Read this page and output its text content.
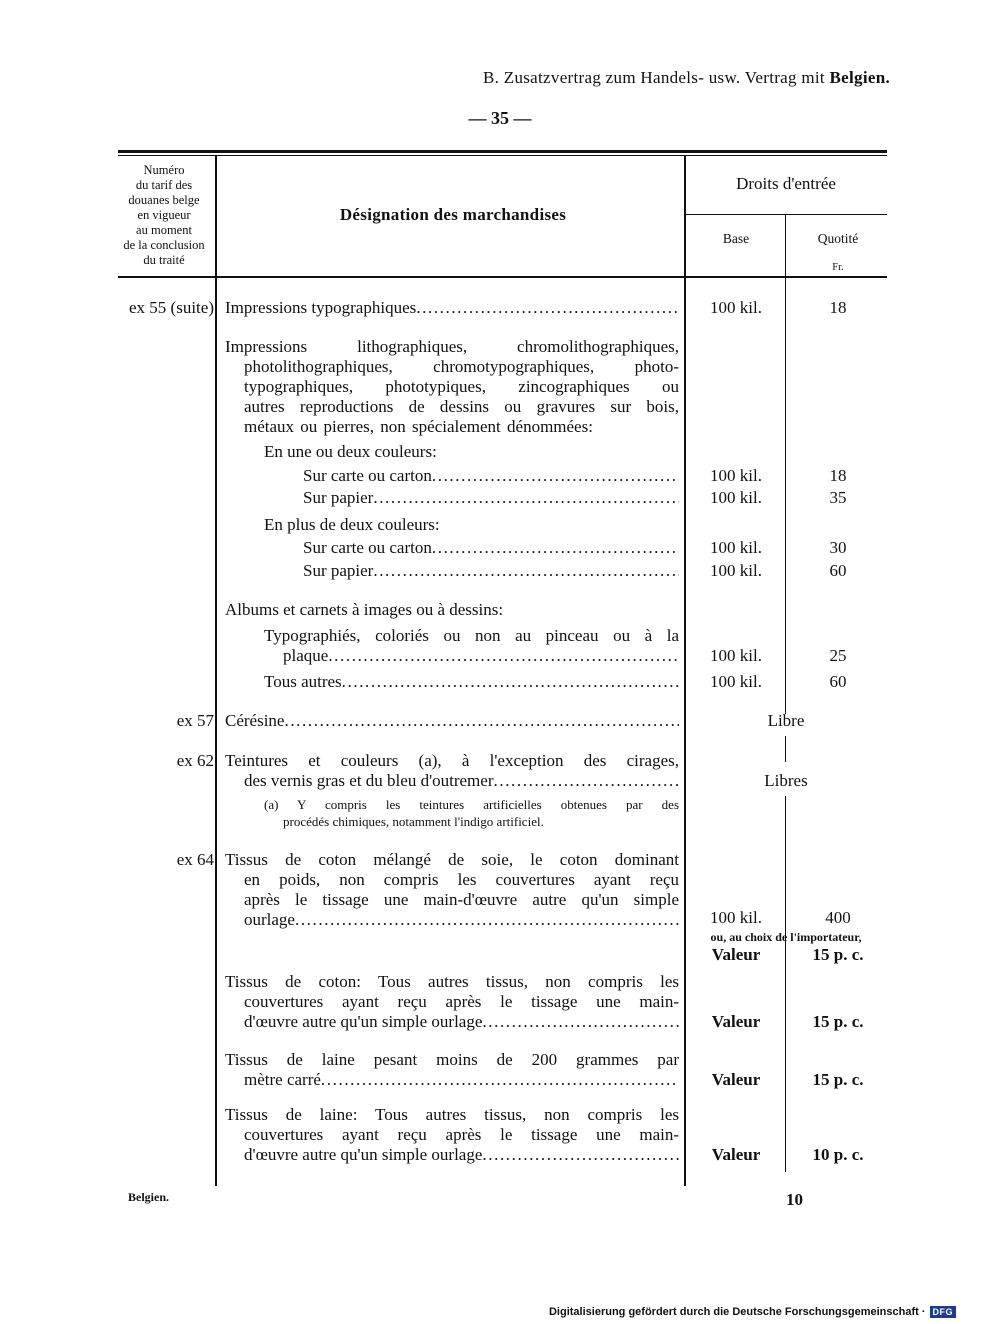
B. Zusatzvertrag zum Handels- usw. Vertrag mit Belgien.
— 35 —
Numéro
du tarif des
douanes belge
en vigueur
au moment
de la conclusion
du traité
Désignation des marchandises
Droits d'entrée
Base	Quotité
Fr.
ex 55 (suite) Impressions typographiques .....	100 kil.	18
Impressions lithographiques, chromolithographiques,
photolithographiques, chromotypographiques, photo-
typographiques, phototypiques, zincographiques ou
autres reproductions de dessins ou gravures sur bois,
métaux ou pierres, non spécialement dénommées:
En une ou deux couleurs:
Sur carte ou carton .....	100 kil.	18
Sur papier .....	100 kil.	35
En plus de deux couleurs:
Sur carte ou carton .....	100 kil.	30
Sur papier .....	100 kil.	60
Albums et carnets à images ou à dessins:
Typographiés, coloriés ou non au pinceau ou à la
plaque .....	100 kil.	25
Tous autres .....	100 kil.	60
ex 57 Cérésine .....	Libre
ex 62 Teintures et couleurs (a), à l'exception des cirages,
des vernis gras et du bleu d'outremer .....	Libres
(a) Y compris les teintures artificielles obtenues par des
procédés chimiques, notamment l'indigo artificiel.
ex 64 Tissus de coton mélangé de soie, le coton dominant
en poids, non compris les couvertures ayant reçu
après le tissage une main-d'œuvre autre qu'un simple
ourlage .....	100 kil.	400
ou, au choix de l'importateur,
Valeur	15 p. c.
Tissus de coton: Tous autres tissus, non compris les
couvertures ayant reçu après le tissage une main-
d'œuvre autre qu'un simple ourlage .....	Valeur	15 p. c.
Tissus de laine pesant moins de 200 grammes par
mètre carré .....	Valeur	15 p. c.
Tissus de laine: Tous autres tissus, non compris les
couvertures ayant reçu après le tissage une main-
d'œuvre autre qu'un simple ourlage .....	Valeur	10 p. c.
Belgien.	10
Digitalisierung gefördert durch die Deutsche Forschungsgemeinschaft · DFG
